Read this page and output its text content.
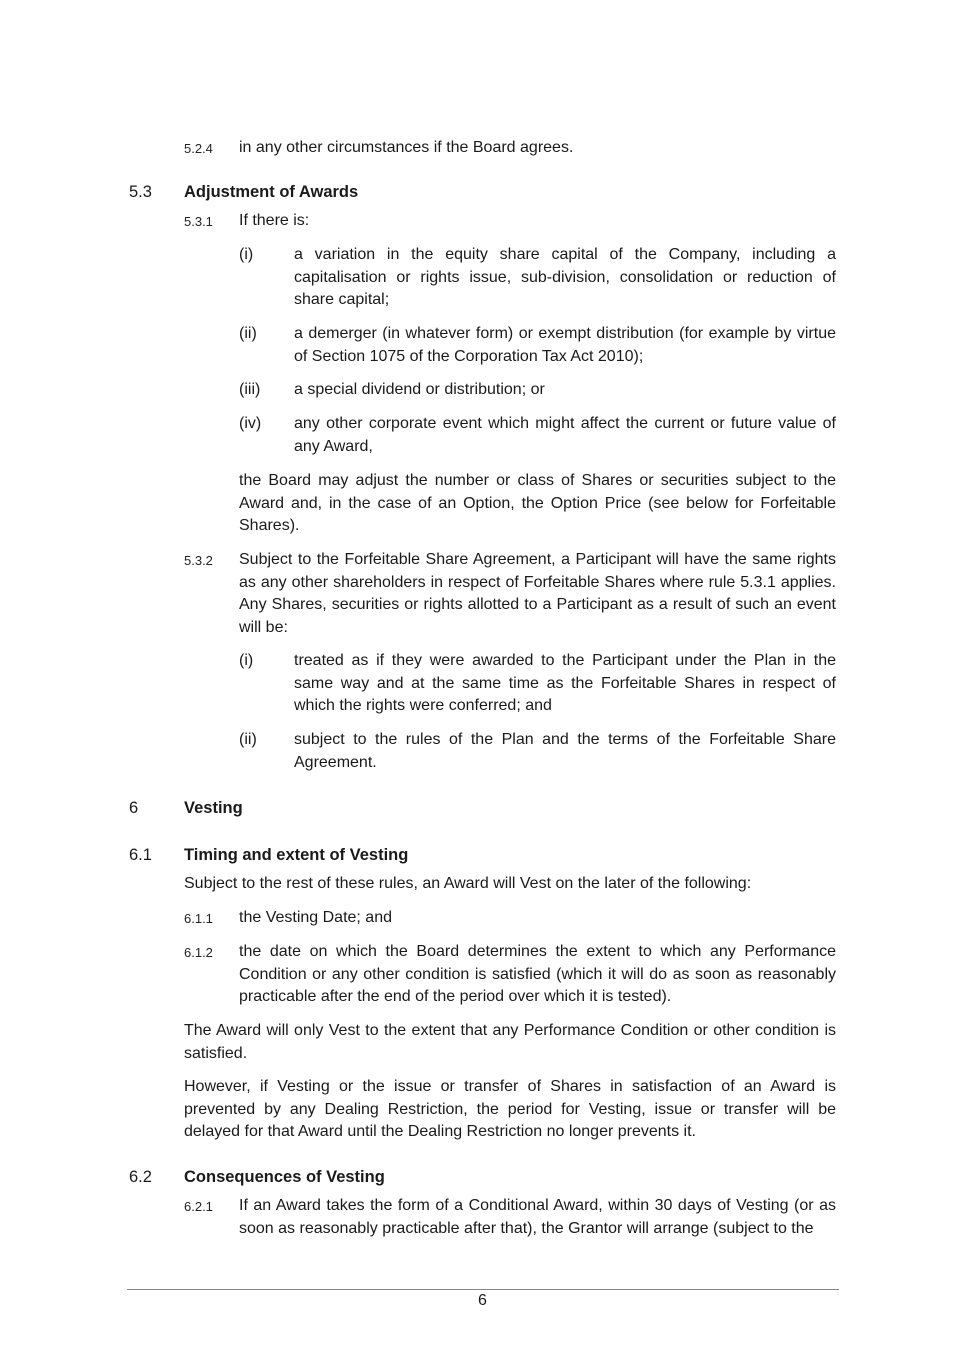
5.2.4 in any other circumstances if the Board agrees.
5.3 Adjustment of Awards
5.3.1 If there is:
(i)	a variation in the equity share capital of the Company, including a capitalisation or rights issue, sub-division, consolidation or reduction of share capital;
(ii) a demerger (in whatever form) or exempt distribution (for example by virtue of Section 1075 of the Corporation Tax Act 2010);
(iii) a special dividend or distribution; or
(iv) any other corporate event which might affect the current or future value of any Award,
the Board may adjust the number or class of Shares or securities subject to the Award and, in the case of an Option, the Option Price (see below for Forfeitable Shares).
5.3.2 Subject to the Forfeitable Share Agreement, a Participant will have the same rights as any other shareholders in respect of Forfeitable Shares where rule 5.3.1 applies. Any Shares, securities or rights allotted to a Participant as a result of such an event will be:
(i)	treated as if they were awarded to the Participant under the Plan in the same way and at the same time as the Forfeitable Shares in respect of which the rights were conferred; and
(ii) subject to the rules of the Plan and the terms of the Forfeitable Share Agreement.
6	Vesting
6.1 Timing and extent of Vesting
Subject to the rest of these rules, an Award will Vest on the later of the following:
6.1.1 the Vesting Date; and
6.1.2 the date on which the Board determines the extent to which any Performance Condition or any other condition is satisfied (which it will do as soon as reasonably practicable after the end of the period over which it is tested).
The Award will only Vest to the extent that any Performance Condition or other condition is satisfied.
However, if Vesting or the issue or transfer of Shares in satisfaction of an Award is prevented by any Dealing Restriction, the period for Vesting, issue or transfer will be delayed for that Award until the Dealing Restriction no longer prevents it.
6.2 Consequences of Vesting
6.2.1 If an Award takes the form of a Conditional Award, within 30 days of Vesting (or as soon as reasonably practicable after that), the Grantor will arrange (subject to the
6
